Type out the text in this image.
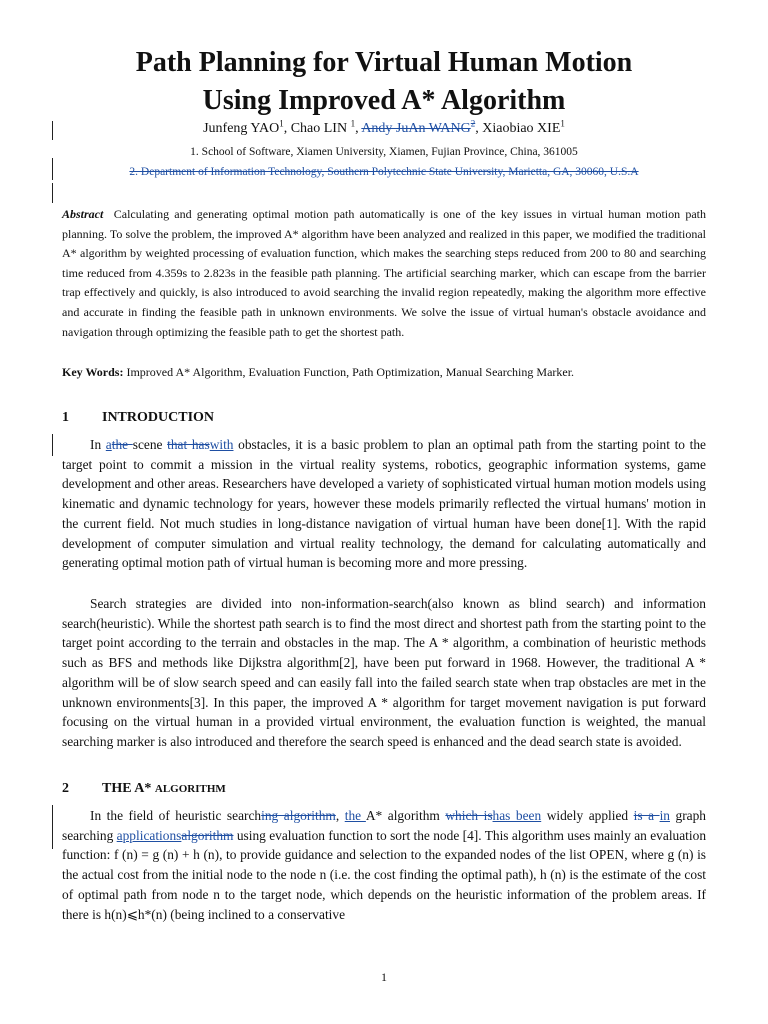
Path Planning for Virtual Human Motion
Using Improved A* Algorithm
Junfeng YAO$^1$, Chao LIN $^1$, Andy JuAn WANG$^2$, Xiaobiao XIE$^1$
1. School of Software, Xiamen University, Xiamen, Fujian Province, China, 361005
2. Department of Information Technology, Southern Polytechnic State University, Marietta, GA, 30060, U.S.A

Abstract Calculating and generating optimal motion path automatically is one of the key issues in virtual human motion path planning. To solve the problem, the improved A* algorithm have been analyzed and realized in this paper, we modified the traditional A* algorithm by weighted processing of evaluation function, which makes the searching steps reduced from 200 to 80 and searching time reduced from 4.359s to 2.823s in the feasible path planning. The artificial searching marker, which can escape from the barrier trap effectively and quickly, is also introduced to avoid searching the invalid region repeatedly, making the algorithm more effective and accurate in finding the feasible path in unknown environments. We solve the issue of virtual human's obstacle avoidance and navigation through optimizing the feasible path to get the shortest path.

Key Words: Improved A* Algorithm, Evaluation Function, Path Optimization, Manual Searching Marker.

1 INTRODUCTION

In athe scene that haswith obstacles, it is a basic problem to plan an optimal path from the starting point to the target point to commit a mission in the virtual reality systems, robotics, geographic information systems, game development and other areas. Researchers have developed a variety of sophisticated virtual human motion models using kinematic and dynamic technology for years, however these models primarily reflected the virtual humans' motion in the current field. Not much studies in long-distance navigation of virtual human have been done[1]. With the rapid development of computer simulation and virtual reality technology, the demand for calculating automatically and generating optimal motion path of virtual human is becoming more and more pressing.

Search strategies are divided into non-information-search(also known as blind search) and information search(heuristic). While the shortest path search is to find the most direct and shortest path from the starting point to the target point according to the terrain and obstacles in the map. The A * algorithm, a combination of heuristic methods such as BFS and methods like Dijkstra algorithm[2], have been put forward in 1968. However, the traditional A * algorithm will be of slow search speed and can easily fall into the failed search state when trap obstacles are met in the unknown environments[3]. In this paper, the improved A * algorithm for target movement navigation is put forward focusing on the virtual human in a provided virtual environment, the evaluation function is weighted, the manual searching marker is also introduced and therefore the search speed is enhanced and the dead search state is avoided.

2 THE A* ALGORITHM

In the field of heuristic searching algorithm, the A* algorithm which ishas been widely applied is a in graph searching applicationsalgorithm using evaluation function to sort the node [4]. This algorithm uses mainly an evaluation function: f (n) = g (n) + h (n), to provide guidance and selection to the expanded nodes of the list OPEN, where g (n) is the actual cost from the initial node to the node n (i.e. the cost finding the optimal path), h (n) is the estimate of the cost of optimal path from node n to the target node, which depends on the heuristic information of the problem areas. If there is h(n)⩽h*(n) (being inclined to a conservative

1
